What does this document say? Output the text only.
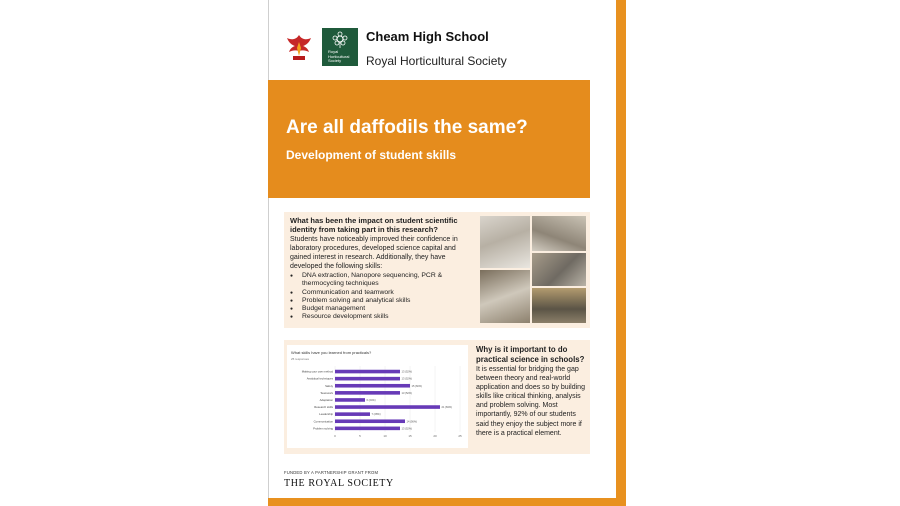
Royal Horticultural Society
Cheam High School
Royal Horticultural Society
Are all daffodils the same?
Development of student skills
What has been the impact on student scientific identity from taking part in this research?
Students have noticeably improved their confidence in laboratory procedures, developed science capital and gained interest in research. Additionally, they have developed the following skills:
● DNA extraction, Nanopore sequencing, PCR & thermocycling techniques
● Communication and teamwork
● Problem solving and analytical skills
● Budget management
● Resource development skills
What skills have you learned from practicals?
25 responses
0	5	10	15	20	25
Making your own method	13 (52%)
Analytical techniques	13 (52%)
Safety	15 (60%)
Teamwork	13 (52%)
Adaptation	6 (24%)
Research skills	21 (84%)
Leadership	7 (28%)
Communication	14 (56%)
Problem solving	13 (52%)
Why is it important to do practical science in schools?
It is essential for bridging the gap between theory and real-world application and does so by building skills like critical thinking, analysis and problem solving. Most importantly, 92% of our students said they enjoy the subject more if there is a practical element.
FUNDED BY A PARTNERSHIP GRANT FROM
THE ROYAL SOCIETY
